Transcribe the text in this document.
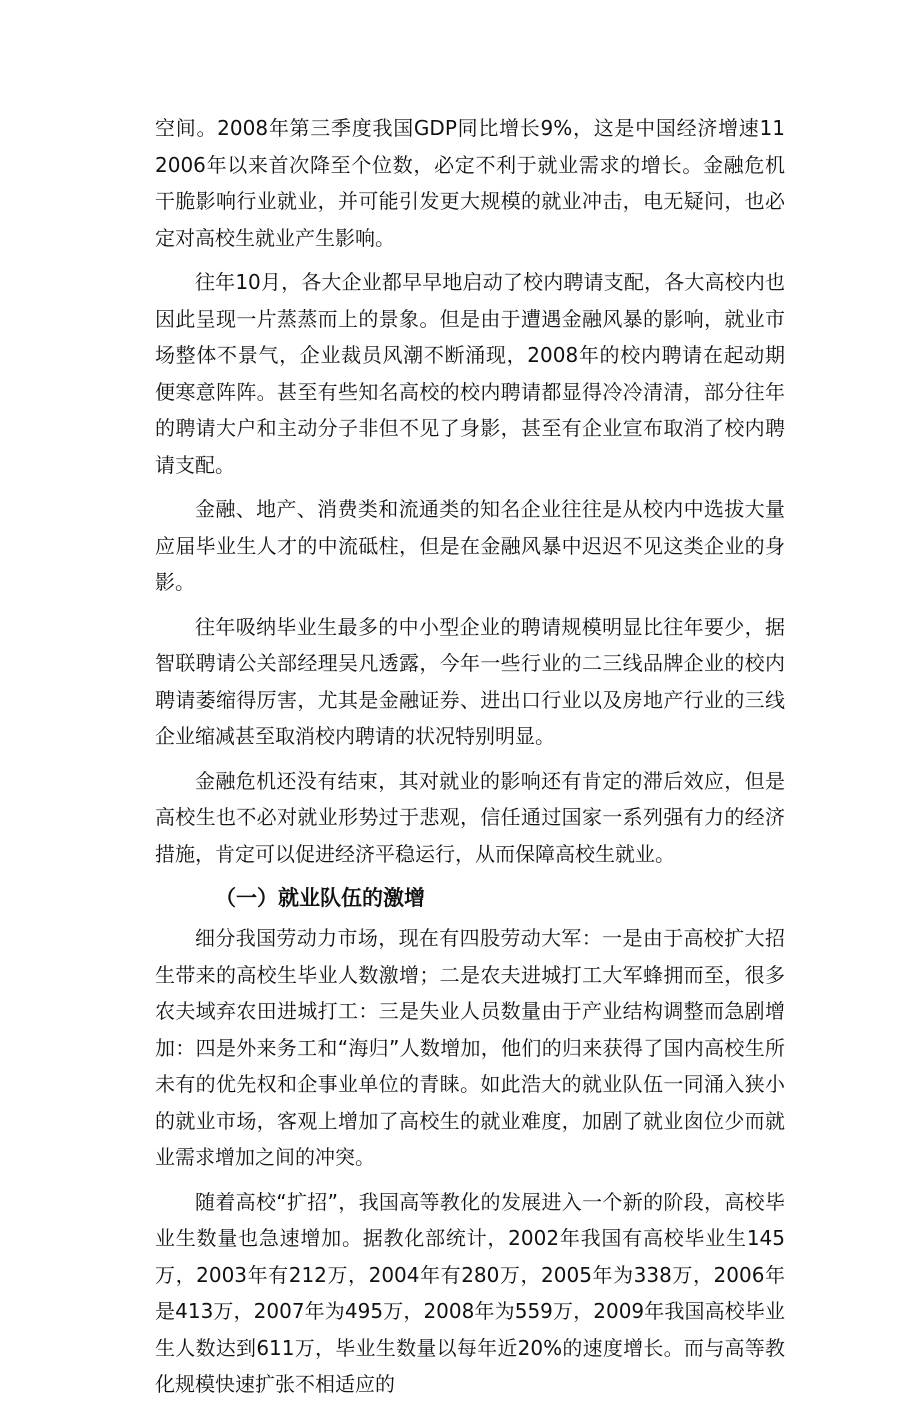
空间。2008年第三季度我国GDP同比增长9%，这是中国经济增速11 2006年以来首次降至个位数，必定不利于就业需求的增长。金融危机干脆影响行业就业，并可能引发更大规模的就业冲击，电无疑问，也必定对高校生就业产生影响。

往年10月，各大企业都早早地启动了校内聘请支配，各大高校内也因此呈现一片蒸蒸而上的景象。但是由于遭遇金融风暴的影响，就业市场整体不景气，企业裁员风潮不断涌现，2008年的校内聘请在起动期便寒意阵阵。甚至有些知名高校的校内聘请都显得冷冷清清，部分往年的聘请大户和主动分子非但不见了身影，甚至有企业宣布取消了校内聘请支配。

金融、地产、消费类和流通类的知名企业往往是从校内中选拔大量应届毕业生人才的中流砥柱，但是在金融风暴中迟迟不见这类企业的身影。

往年吸纳毕业生最多的中小型企业的聘请规模明显比往年要少，据智联聘请公关部经理吴凡透露，今年一些行业的二三线品牌企业的校内聘请萎缩得厉害，尤其是金融证券、进出口行业以及房地产行业的三线企业缩减甚至取消校内聘请的状况特别明显。

金融危机还没有结束，其对就业的影响还有肯定的滞后效应，但是高校生也不必对就业形势过于悲观，信任通过国家一系列强有力的经济措施，肯定可以促进经济平稳运行，从而保障高校生就业。

（一）就业队伍的激增

细分我国劳动力市场，现在有四股劳动大军：一是由于高校扩大招生带来的高校生毕业人数激增；二是农夫进城打工大军蜂拥而至，很多农夫域弃农田进城打工：三是失业人员数量由于产业结构调整而急剧增加：四是外来务工和“海归”人数增加，他们的归来获得了国内高校生所未有的优先权和企事业单位的青睐。如此浩大的就业队伍一同涌入狭小的就业市场，客观上增加了高校生的就业难度，加剧了就业囱位少而就业需求增加之间的冲突。

随着高校“扩招”，我国高等教化的发展进入一个新的阶段，高校毕业生数量也急速增加。据教化部统计，2002年我国有高校毕业生145万，2003年有212万，2004年有280万，2005年为338万，2006年是413万，2007年为495万，2008年为559万，2009年我国高校毕业生人数达到611万，毕业生数量以每年近20%的速度增长。而与高等教化规模快速扩张不相适应的
